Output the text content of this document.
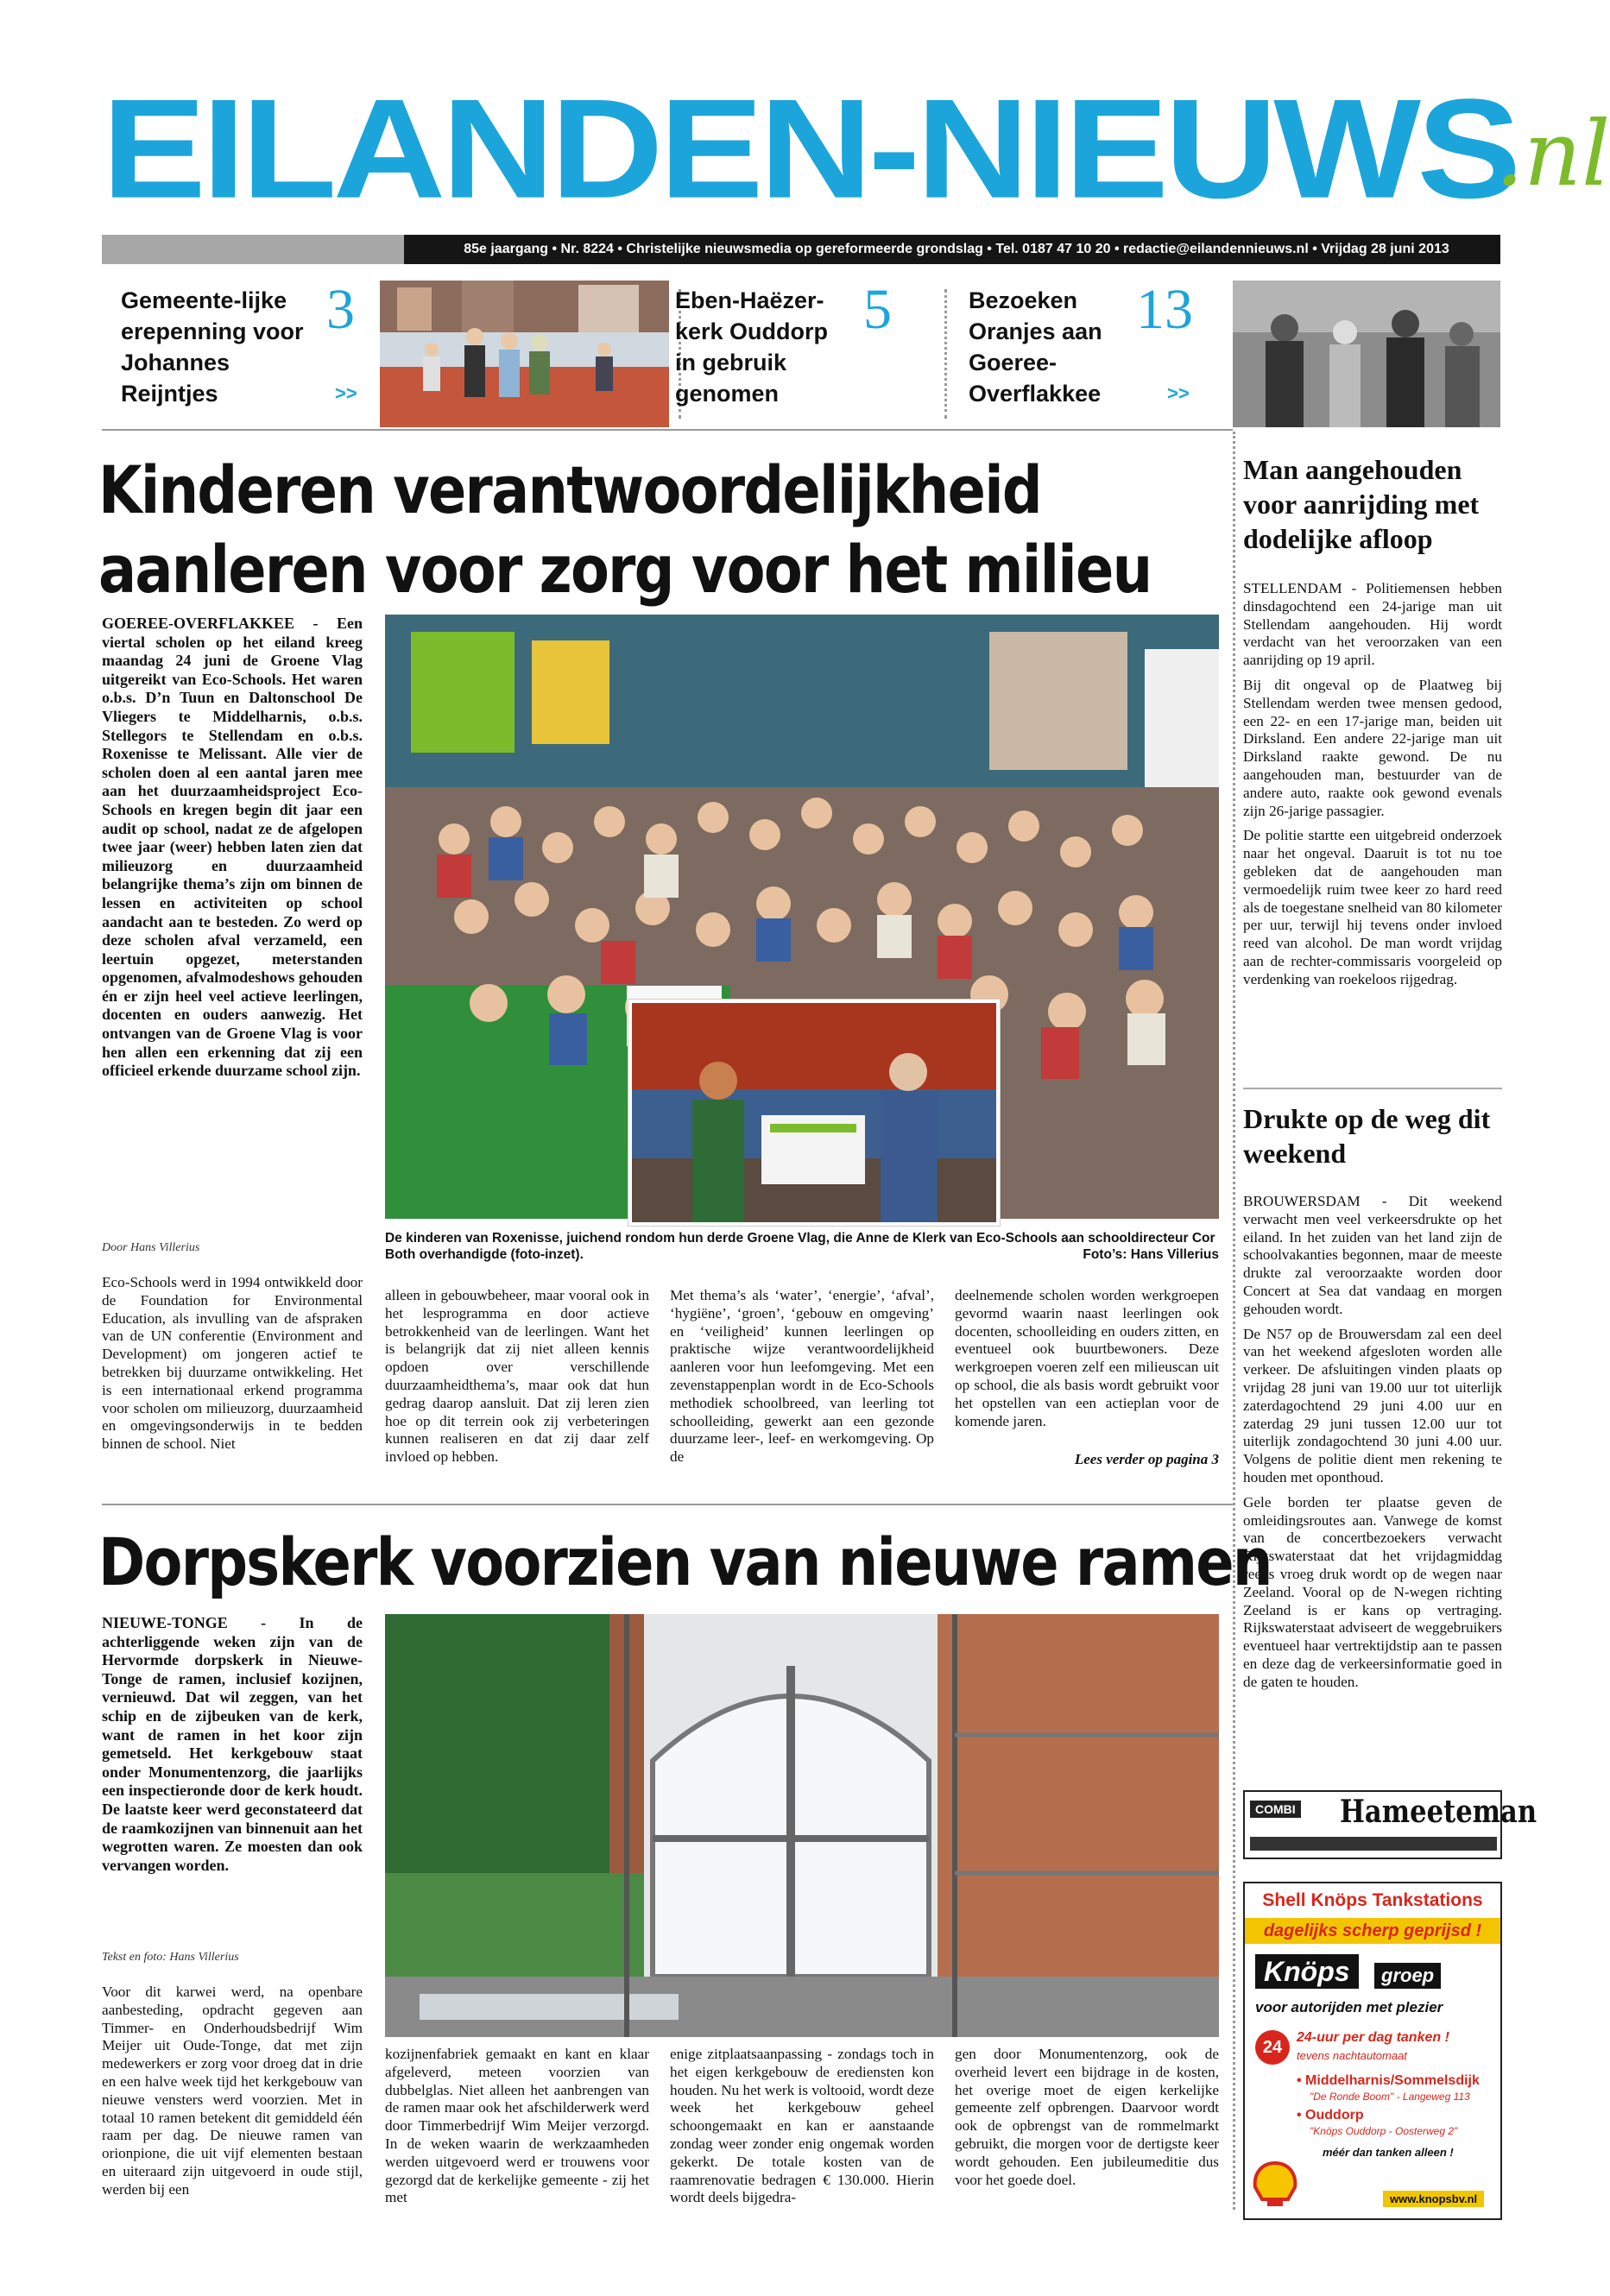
EILANDEN-NIEUWS
.nl
85e jaargang • Nr. 8224 • Christelijke nieuwsmedia op gereformeerde grondslag • Tel. 0187 47 10 20 • redactie@eilandennieuws.nl • Vrijdag 28 juni 2013
Gemeente-lijke erepenning voor Johannes Reijntjes
3
>>
Eben-Haëzer-kerk Ouddorp in gebruik genomen
5	Bezoeken Oranjes aan Goeree-Overflakkee
13
>>
Kinderen verantwoordelijkheid
aanleren voor zorg voor het milieu
GOEREE-OVERFLAKKEE - Een viertal scholen op het eiland kreeg maandag 24 juni de Groene Vlag uitgereikt van Eco-Schools. Het waren o.b.s. D’n Tuun en Daltonschool De Vliegers te Middelharnis, o.b.s. Stellegors te Stellendam en o.b.s. Roxenisse te Melissant. Alle vier de scholen doen al een aantal jaren mee aan het duurzaamheidsproject Eco-Schools en kregen begin dit jaar een audit op school, nadat ze de afgelopen twee jaar (weer) hebben laten zien dat milieuzorg en duurzaamheid belangrijke thema’s zijn om binnen de lessen en activiteiten op school aandacht aan te besteden. Zo werd op deze scholen afval verzameld, een leertuin opgezet, meterstanden opgenomen, afvalmodeshows gehouden én er zijn heel veel actieve leerlingen, docenten en ouders aanwezig. Het ontvangen van de Groene Vlag is voor hen allen een erkenning dat zij een officieel erkende duurzame school zijn.
Door Hans Villerius
Eco-Schools werd in 1994 ontwikkeld door de Foundation for Environmental Education, als invulling van de afspraken van de UN conferentie (Environment and Development) om jongeren actief te betrekken bij duurzame ontwikkeling. Het is een internationaal erkend programma voor scholen om milieuzorg, duurzaamheid en omgevingsonderwijs in te bedden binnen de school. Niet
De kinderen van Roxenisse, juichend rondom hun derde Groene Vlag, die Anne de Klerk van Eco-Schools aan schooldirecteur Cor Both overhandigde (foto-inzet).	Foto’s: Hans Villerius
alleen in gebouwbeheer, maar vooral ook in het lesprogramma en door actieve betrokkenheid van de leerlingen. Want het is belangrijk dat zij niet alleen kennis opdoen over verschillende duurzaamheidthema’s, maar ook dat hun gedrag daarop aansluit. Dat zij leren zien hoe op dit terrein ook zij verbeteringen kunnen realiseren en dat zij daar zelf invloed op hebben.
Met thema’s als ‘water’, ‘energie’, ‘afval’, ‘hygiëne’, ‘groen’, ‘gebouw en omgeving’ en ‘veiligheid’ kunnen leerlingen op praktische wijze verantwoordelijkheid aanleren voor hun leefomgeving. Met een zevenstappenplan wordt in de Eco-Schools methodiek schoolbreed, van leerling tot schoolleiding, gewerkt aan een gezonde duurzame leer-, leef- en werkomgeving. Op de
deelnemende scholen worden werkgroepen gevormd waarin naast leerlingen ook docenten, schoolleiding en ouders zitten, en eventueel ook buurtbewoners. Deze werkgroepen voeren zelf een milieuscan uit op school, die als basis wordt gebruikt voor het opstellen van een actieplan voor de komende jaren.
Lees verder op pagina 3
Dorpskerk voorzien van nieuwe ramen
NIEUWE-TONGE - In de achterliggende weken zijn van de Hervormde dorpskerk in Nieuwe-Tonge de ramen, inclusief kozijnen, vernieuwd. Dat wil zeggen, van het schip en de zijbeuken van de kerk, want de ramen in het koor zijn gemetseld. Het kerkgebouw staat onder Monumentenzorg, die jaarlijks een inspectieronde door de kerk houdt. De laatste keer werd geconstateerd dat de raamkozijnen van binnenuit aan het wegrotten waren. Ze moesten dan ook vervangen worden.
Tekst en foto: Hans Villerius
Voor dit karwei werd, na openbare aanbesteding, opdracht gegeven aan Timmer- en Onderhoudsbedrijf Wim Meijer uit Oude-Tonge, dat met zijn medewerkers er zorg voor droeg dat in drie en een halve week tijd het kerkgebouw van nieuwe vensters werd voorzien. Met in totaal 10 ramen betekent dit gemiddeld één raam per dag. De nieuwe ramen van orionpione, die uit vijf elementen bestaan en uiteraard zijn uitgevoerd in oude stijl, werden bij een
kozijnenfabriek gemaakt en kant en klaar afgeleverd, meteen voorzien van dubbelglas. Niet alleen het aanbrengen van de ramen maar ook het afschilderwerk werd door Timmerbedrijf Wim Meijer verzorgd. In de weken waarin de werkzaamheden werden uitgevoerd werd er trouwens voor gezorgd dat de kerkelijke gemeente - zij het met
enige zitplaatsaanpassing - zondags toch in het eigen kerkgebouw de erediensten kon houden. Nu het werk is voltooid, wordt deze week het kerkgebouw geheel schoongemaakt en kan er aanstaande zondag weer zonder enig ongemak worden gekerkt. De totale kosten van de raamrenovatie bedragen € 130.000. Hierin wordt deels bijgedra-
gen door Monumentenzorg, ook de overheid levert een bijdrage in de kosten, het overige moet de eigen kerkelijke gemeente zelf opbrengen. Daarvoor wordt ook de opbrengst van de rommelmarkt gebruikt, die morgen voor de dertigste keer wordt gehouden. Een jubileumeditie dus voor het goede doel.
Man aangehouden voor aanrijding met dodelijke afloop

STELLENDAM - Politiemensen hebben dinsdagochtend een 24-jarige man uit Stellendam aangehouden. Hij wordt verdacht van het veroorzaken van een aanrijding op 19 april.

Bij dit ongeval op de Plaatweg bij Stellendam werden twee mensen gedood, een 22- en een 17-jarige man, beiden uit Dirksland. Een andere 22-jarige man uit Dirksland raakte gewond. De nu aangehouden man, bestuurder van de andere auto, raakte ook gewond evenals zijn 26-jarige passagier.

De politie startte een uitgebreid onderzoek naar het ongeval. Daaruit is tot nu toe gebleken dat de aangehouden man vermoedelijk ruim twee keer zo hard reed als de toegestane snelheid van 80 kilometer per uur, terwijl hij tevens onder invloed reed van alcohol. De man wordt vrijdag aan de rechter-commissaris voorgeleid op verdenking van roekeloos rijgedrag.

Drukte op de weg dit weekend

BROUWERSDAM - Dit weekend verwacht men veel verkeersdrukte op het eiland. In het zuiden van het land zijn de schoolvakanties begonnen, maar de meeste drukte zal veroorzaakte worden door Concert at Sea dat vandaag en morgen gehouden wordt.

De N57 op de Brouwersdam zal een deel van het weekend afgesloten worden alle verkeer. De afsluitingen vinden plaats op vrijdag 28 juni van 19.00 uur tot uiterlijk zaterdagochtend 29 juni 4.00 uur en zaterdag 29 juni tussen 12.00 uur tot uiterlijk zondagochtend 30 juni 4.00 uur. Volgens de politie dient men rekening te houden met oponthoud.

Gele borden ter plaatse geven de omleidingsroutes aan. Vanwege de komst van de concertbezoekers verwacht Rijkswaterstaat dat het vrijdagmiddag reeds vroeg druk wordt op de wegen naar Zeeland. Vooral op de N-wegen richting Zeeland is er kans op vertraging. Rijkswaterstaat adviseert de weggebruikers eventueel haar vertrektijdstip aan te passen en deze dag de verkeersinformatie goed in de gaten te houden.

COMBI Hameeteman
Shell Knöps Tankstations
dagelijks scherp geprijsd !
Knöps	groep
voor autorijden met plezier
24
24-uur per dag tanken !
tevens nachtautomaat
• Middelharnis/Sommelsdijk
"De Ronde Boom" - Langeweg 113
• Ouddorp
"Knöps Ouddorp - Oosterweg 2"
méér dan tanken alleen !
www.knopsbv.nl
